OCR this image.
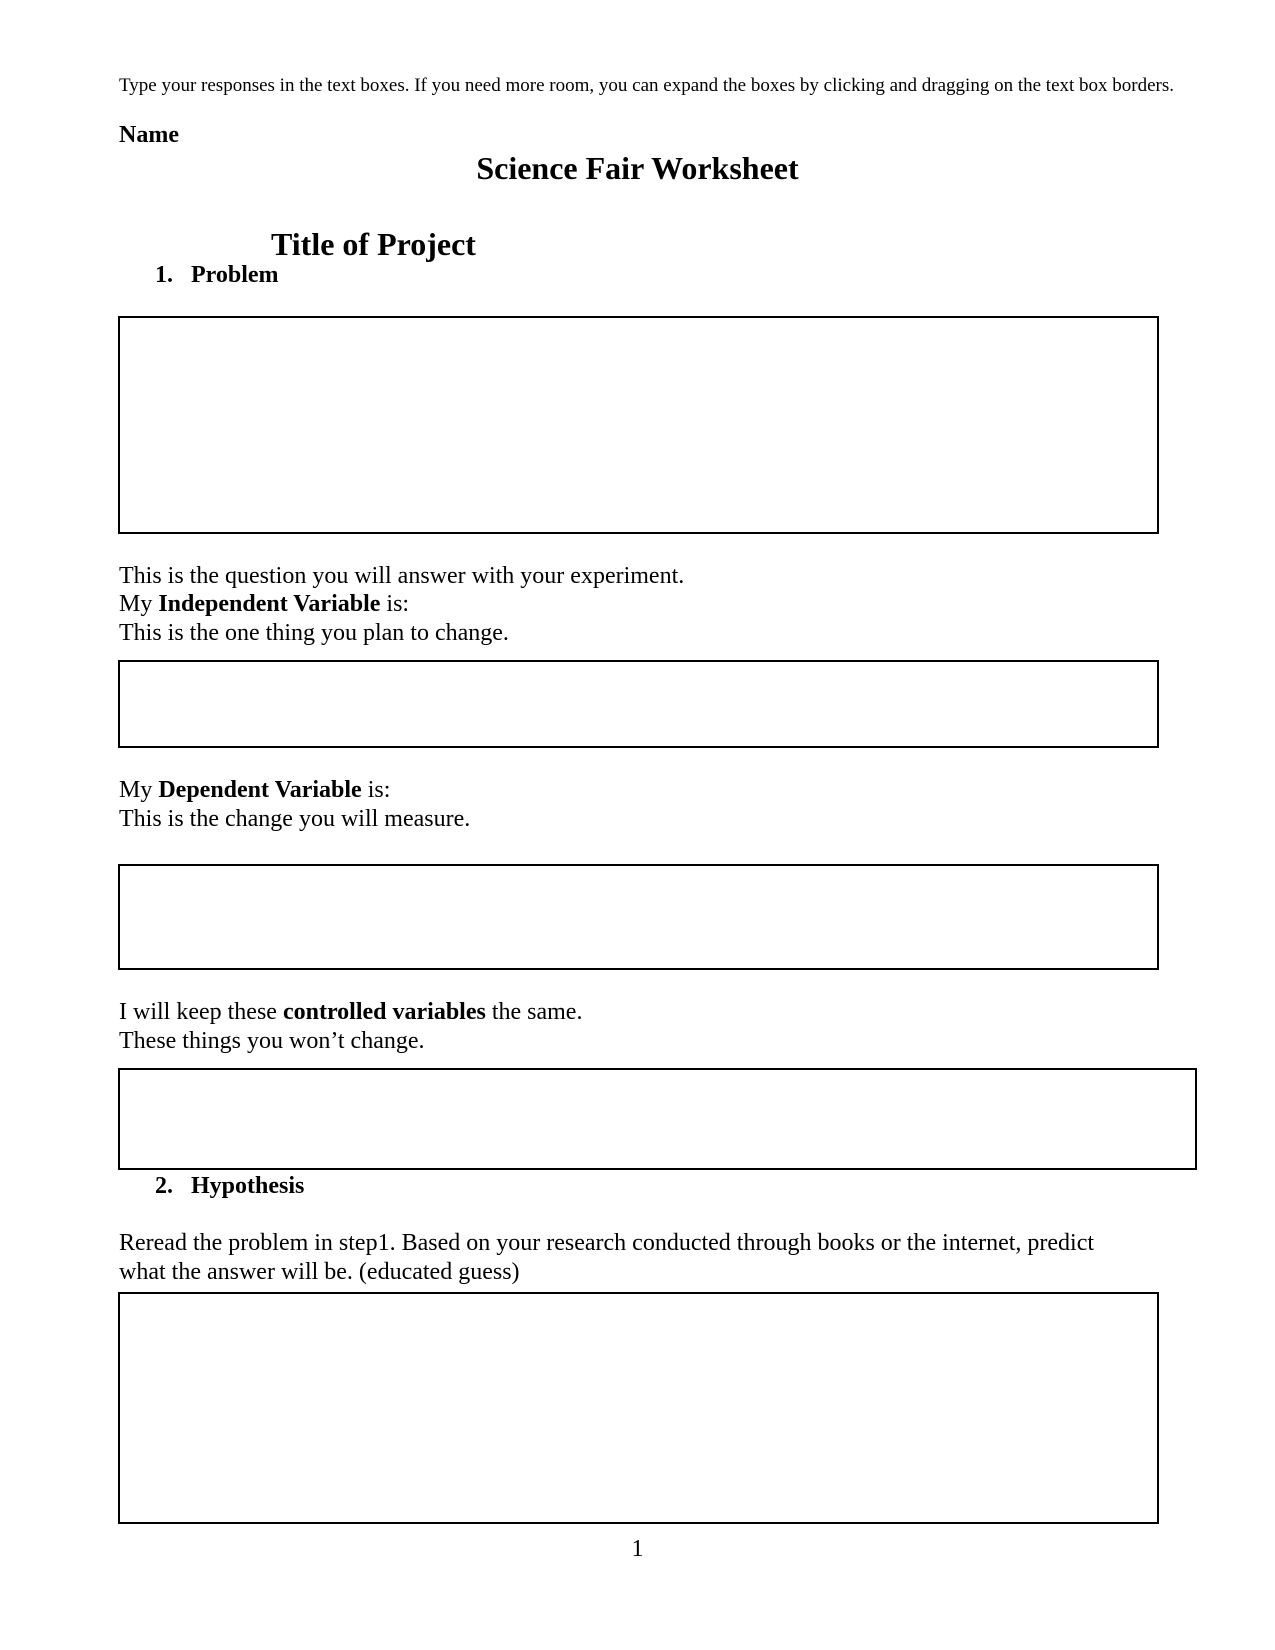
Type your responses in the text boxes. If you need more room, you can expand the boxes by clicking and dragging on the text box borders.
Name
Science Fair Worksheet
Title of Project
1. Problem
This is the question you will answer with your experiment.
My Independent Variable is:
This is the one thing you plan to change.
My Dependent Variable is:
This is the change you will measure.
I will keep these controlled variables the same.
These things you won’t change.
2. Hypothesis
Reread the problem in step1. Based on your research conducted through books or the internet, predict
what the answer will be. (educated guess)
1
